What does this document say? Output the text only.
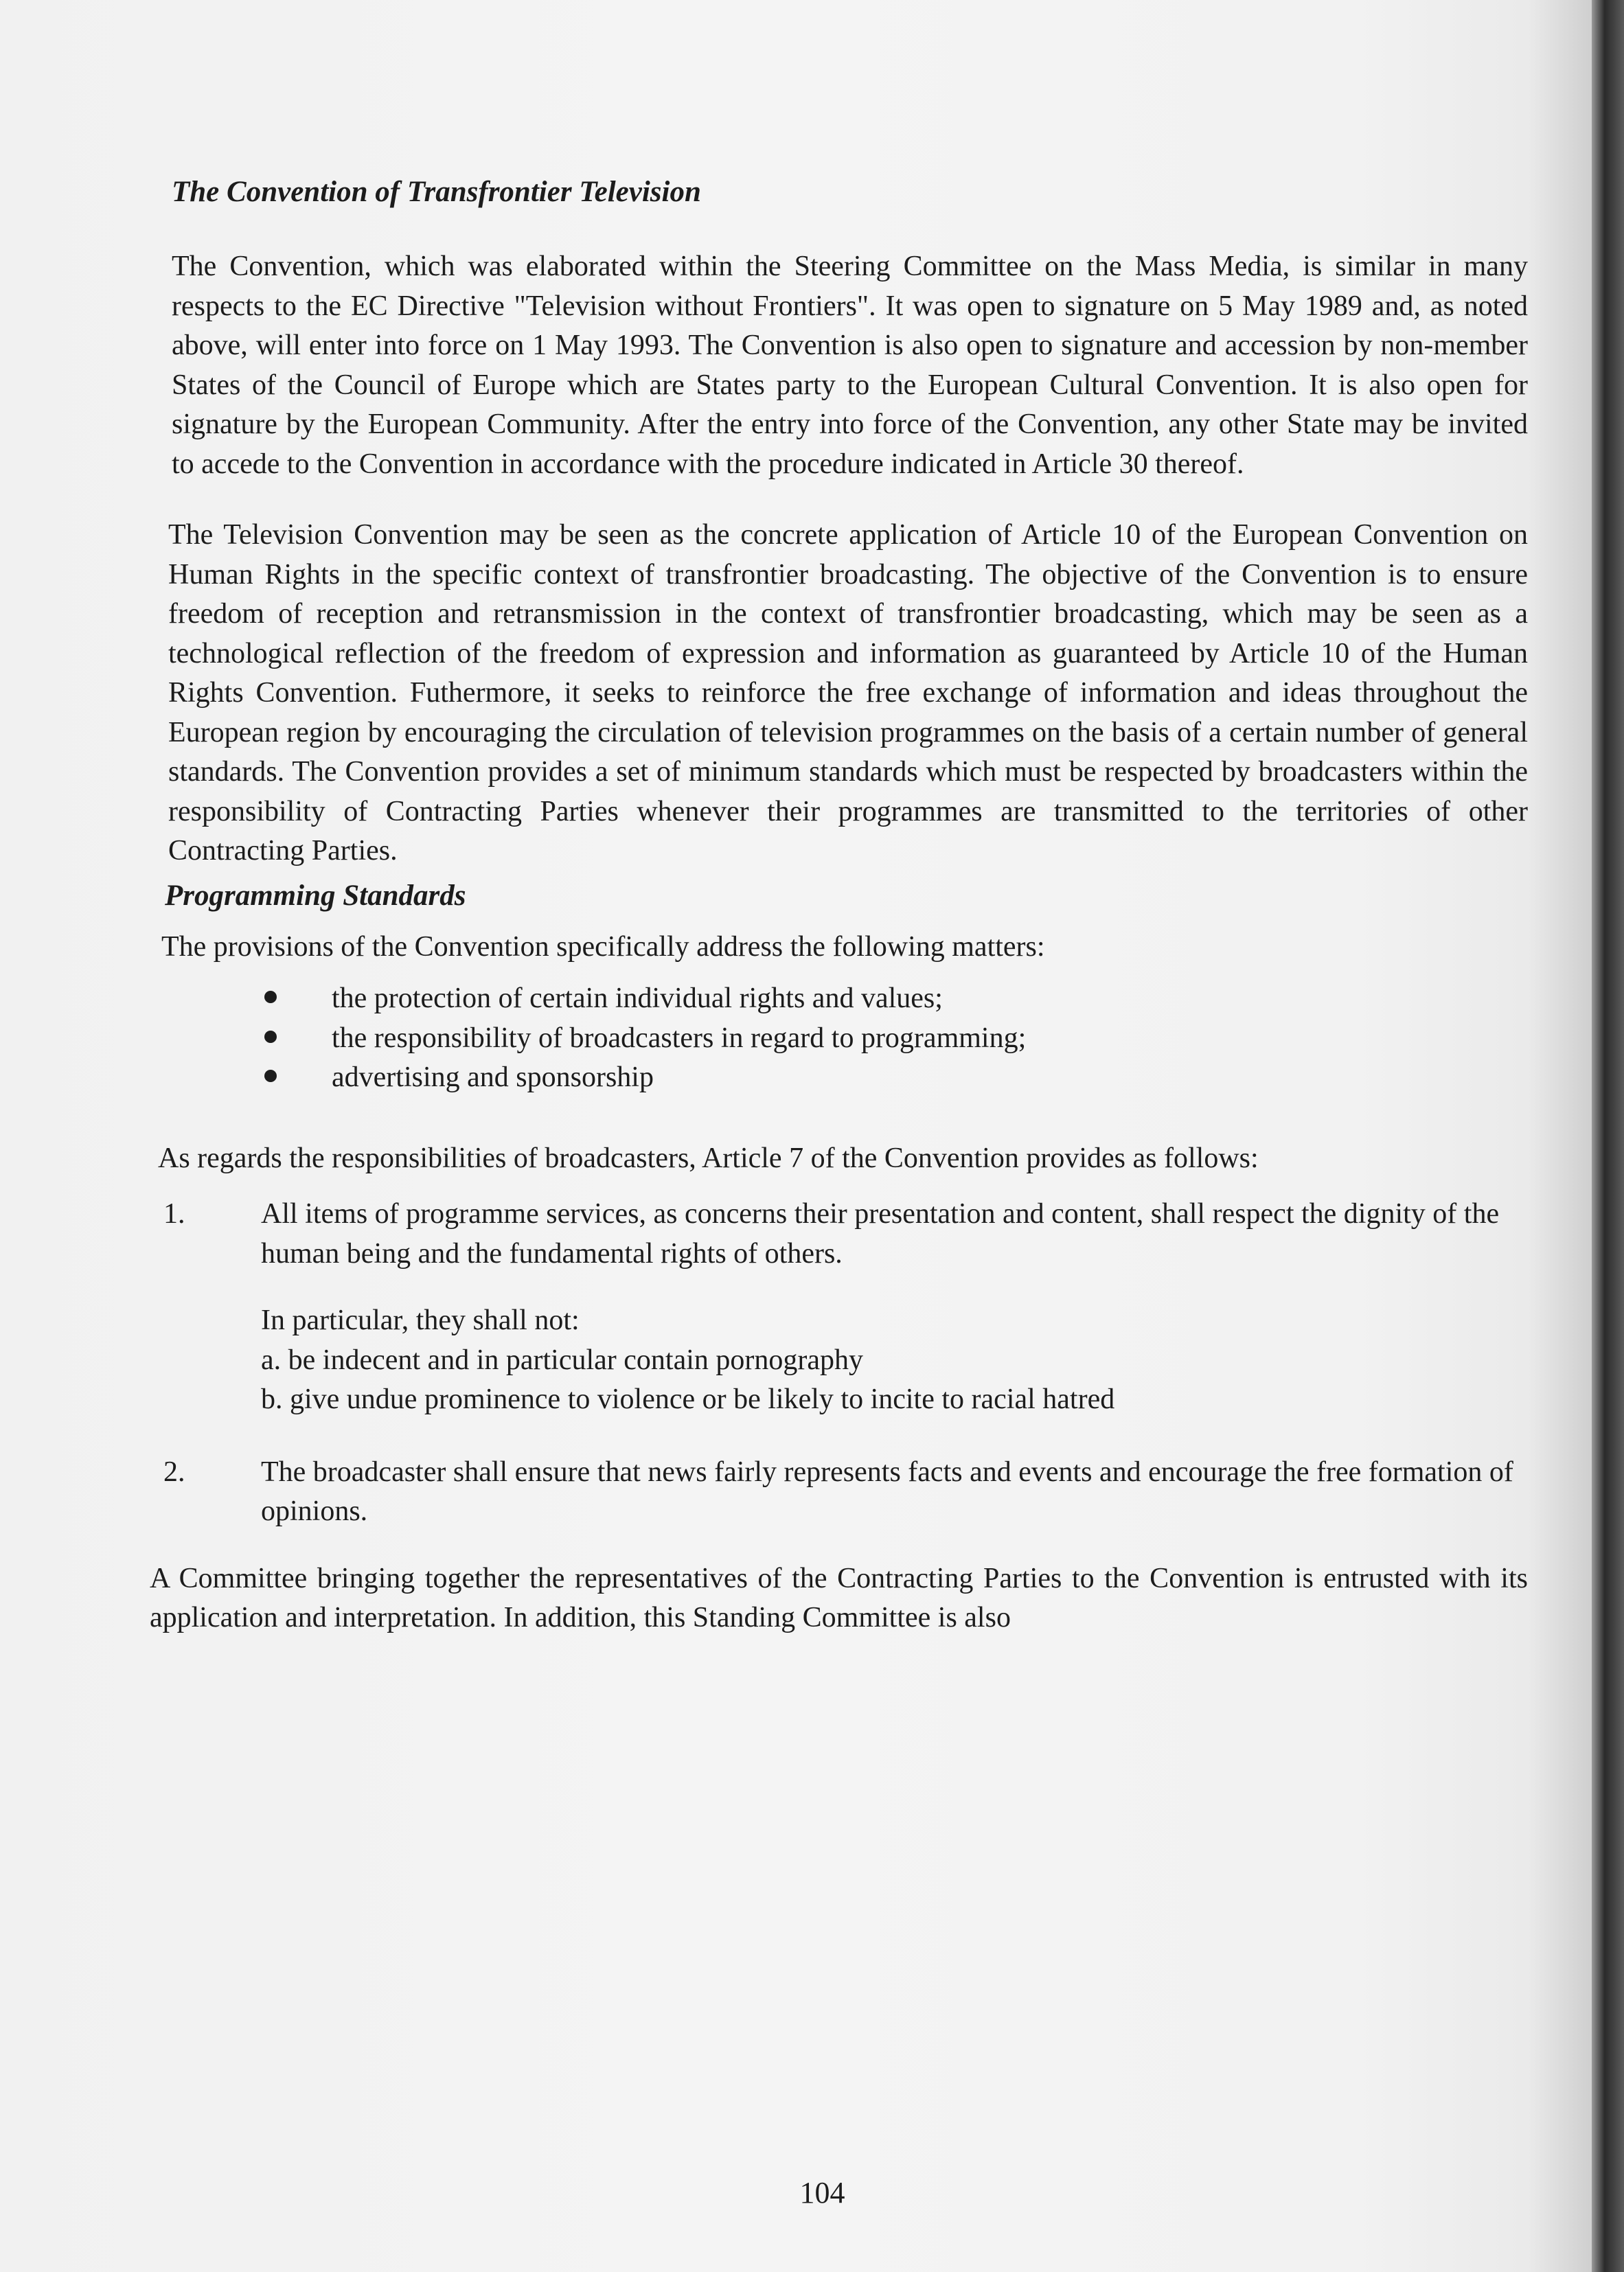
The Convention of Transfrontier Television

The Convention, which was elaborated within the Steering Committee on the Mass Media, is similar in many respects to the EC Directive "Television without Frontiers". It was open to signature on 5 May 1989 and, as noted above, will enter into force on 1 May 1993. The Convention is also open to signature and accession by non-member States of the Council of Europe which are States party to the European Cultural Convention. It is also open for signature by the European Community. After the entry into force of the Convention, any other State may be invited to accede to the Convention in accordance with the procedure indicated in Article 30 thereof.

The Television Convention may be seen as the concrete application of Article 10 of the European Convention on Human Rights in the specific context of transfrontier broadcasting. The objective of the Convention is to ensure freedom of reception and retransmission in the context of transfrontier broadcasting, which may be seen as a technological reflection of the freedom of expression and information as guaranteed by Article 10 of the Human Rights Convention. Futhermore, it seeks to reinforce the free exchange of information and ideas throughout the European region by encouraging the circulation of television programmes on the basis of a certain number of general standards. The Convention provides a set of minimum standards which must be respected by broadcasters within the responsibility of Contracting Parties whenever their programmes are transmitted to the territories of other Contracting Parties.

Programming Standards

The provisions of the Convention specifically address the following matters:

the protection of certain individual rights and values;
the responsibility of broadcasters in regard to programming;
advertising and sponsorship

As regards the responsibilities of broadcasters, Article 7 of the Convention provides as follows:

1.	All items of programme services, as concerns their presentation and content, shall respect the dignity of the human being and the fundamental rights of others.
In particular, they shall not:
a. be indecent and in particular contain pornography
b. give undue prominence to violence or be likely to incite to racial hatred
2.	The broadcaster shall ensure that news fairly represents facts and events and encourage the free formation of opinions.

A Committee bringing together the representatives of the Contracting Parties to the Convention is entrusted with its application and interpretation. In addition, this Standing Committee is also

104
